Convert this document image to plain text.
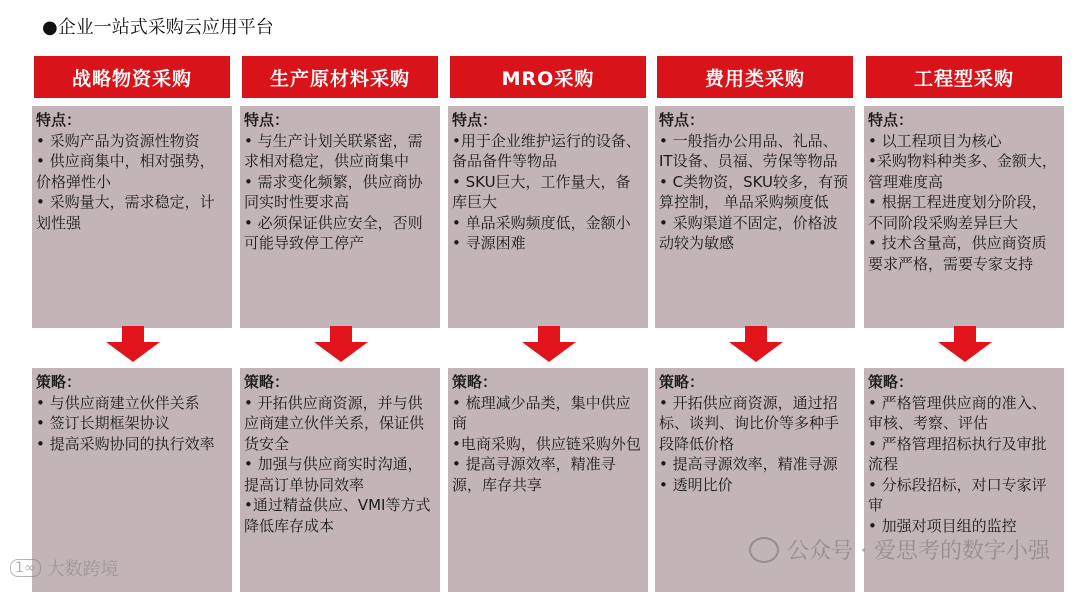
●企业一站式采购云应用平台
战略物资采购
特点：
• 采购产品为资源性物资
• 供应商集中，相对强势，价格弹性小
• 采购量大，需求稳定，计划性强
策略：
• 与供应商建立伙伴关系
• 签订长期框架协议
• 提高采购协同的执行效率
生产原材料采购
特点：
• 与生产计划关联紧密，需求相对稳定，供应商集中
• 需求变化频繁，供应商协同实时性要求高
• 必须保证供应安全，否则可能导致停工停产
策略：
• 开拓供应商资源，并与供应商建立伙伴关系，保证供货安全
• 加强与供应商实时沟通，提高订单协同效率
•通过精益供应、VMI等方式降低库存成本
MRO采购
特点：
•用于企业维护运行的设备、备品备件等物品
• SKU巨大，工作量大，备库巨大
• 单品采购频度低，金额小
• 寻源困难
策略：
• 梳理减少品类，集中供应商
•电商采购，供应链采购外包
• 提高寻源效率，精准寻源，库存共享
费用类采购
特点：
• 一般指办公用品、礼品、IT设备、员福、劳保等物品
• C类物资，SKU较多，有预算控制， 单品采购频度低
• 采购渠道不固定，价格波动较为敏感
策略：
• 开拓供应商资源，通过招标、谈判、询比价等多种手段降低价格
• 提高寻源效率，精准寻源
• 透明比价
工程型采购
特点：
• 以工程项目为核心
•采购物料种类多、金额大，管理难度高
• 根据工程进度划分阶段，不同阶段采购差异巨大
• 技术含量高，供应商资质要求严格，需要专家支持
策略：
• 严格管理供应商的准入、审核、考察、评估
• 严格管理招标执行及审批流程
• 分标段招标，对口专家评审
• 加强对项目组的监控
公众号 · 爱思考的数字小强
1∞ 大数跨境
